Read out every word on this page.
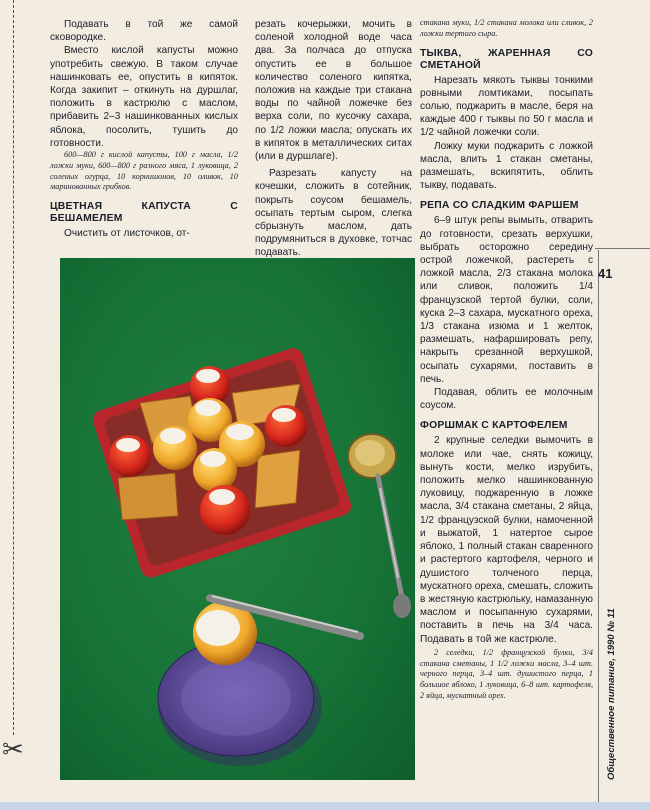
✂

Подавать в той же самой сковородке.

Вместо кислой капусты можно употребить свежую. В таком случае нашинковать ее, опустить в кипяток. Когда закипит – откинуть на дуршлаг, положить в кастрюлю с маслом, прибавить 2–3 нашинкованных кислых яблока, посолить, тушить до готовности.

600—800 г кислой капусты, 100 г масла, 1/2 ложки муки, 600—800 г разного мяса, 1 луковица, 2 соленых огурца, 10 корнишонов, 10 оливок, 10 маринованных грибков.
ЦВЕТНАЯ КАПУСТА С БЕШАМЕЛЕМ

Очистить от листочков, от-

резать кочерыжки, мочить в соленой холодной воде часа два. За полчаса до отпуска опустить ее в большое количество соленого кипятка, положив на каждые три стакана воды по чайной ложечке без верха соли, по кусочку сахара, по 1/2 ложки масла; опускать их в кипяток в металлических ситах (или в дуршлаге).

Разрезать капусту на кочешки, сложить в сотейник, покрыть соусом бешамель, осыпать тертым сыром, слегка сбрызнуть маслом, дать подрумяниться в духовке, тотчас подавать.

стакана муки, 1/2 стакана молока или сливок, 2 ложки тертого сыра.
ТЫКВА, ЖАРЕННАЯ СО СМЕТАНОЙ

Нарезать мякоть тыквы тонкими ровными ломтиками, посыпать солью, поджарить в масле, беря на каждые 400 г тыквы по 50 г масла и 1/2 чайной ложечки соли.

Ложку муки поджарить с ложкой масла, влить 1 стакан сметаны, размешать, вскипятить, облить тыкву, подавать.

РЕПА СО СЛАДКИМ ФАРШЕМ

6–9 штук репы вымыть, отварить до готовности, срезать верхушки, выбрать осторожно середину острой ложечкой, растереть с ложкой масла, 2/3 стакана молока или сливок, положить 1/4 французской тертой булки, соли, куска 2–3 сахара, мускатного ореха, 1/3 стакана изюма и 1 желток, размешать, нафаршировать репу, накрыть срезанной верхушкой, осыпать сухарями, поставить в печь.

Подавая, облить ее молочным соусом.

ФОРШМАК С КАРТОФЕЛЕМ

2 крупные селедки вымочить в молоке или чае, снять кожицу, вынуть кости, мелко изрубить, положить мелко нашинкованную луковицу, поджаренную в ложке масла, 3/4 стакана сметаны, 2 яйца, 1/2 французской булки, намоченной и выжатой, 1 натертое сырое яблоко, 1 полный стакан сваренного и растертого картофеля, черного и душистого толченого перца, мускатного ореха, смешать, сложить в жестяную кастрюльку, намазанную маслом и посыпанную сухарями, поставить в печь на 3/4 часа. Подавать в той же кастрюле.

2 селедки, 1/2 французской булки, 3/4 стакана сметаны, 1 1/2 ложки масла, 3–4 шт. черного перца, 3–4 шт. душистого перца, 1 большое яблоко, 1 луковица, 6–8 шт. картофеля, 2 яйца, мускатный орех.
41
Общественное питание, 1990 № 11
